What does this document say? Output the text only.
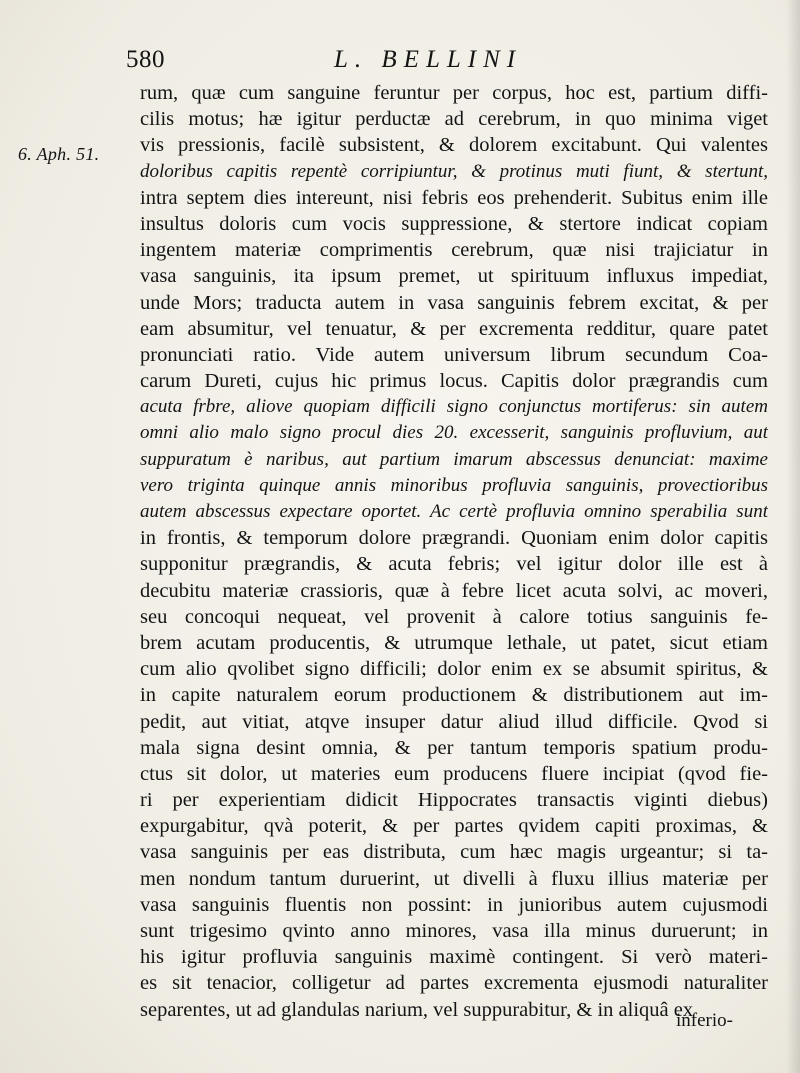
580	L. BELLINI
6. Aph. 51.
rum, quæ cum sanguine feruntur per corpus, hoc est, partium diffi-
cilis motus; hæ igitur perductæ ad cerebrum, in quo minima viget
vis pressionis, facilè subsistent, & dolorem excitabunt. Qui valentes
doloribus capitis repentè corripiuntur, & protinus muti fiunt, & stertunt,
intra septem dies intereunt, nisi febris eos prehenderit. Subitus enim ille
insultus doloris cum vocis suppressione, & stertore indicat copiam
ingentem materiæ comprimentis cerebrum, quæ nisi trajiciatur in
vasa sanguinis, ita ipsum premet, ut spirituum influxus impediat,
unde Mors; traducta autem in vasa sanguinis febrem excitat, & per
eam absumitur, vel tenuatur, & per excrementa redditur, quare patet
pronunciati ratio. Vide autem universum librum secundum Coa-
carum Dureti, cujus hic primus locus. Capitis dolor prægrandis cum
acuta frbre, aliove quopiam difficili signo conjunctus mortiferus: sin autem
omni alio malo signo procul dies 20. excesserit, sanguinis profluvium, aut
suppuratum è naribus, aut partium imarum abscessus denunciat: maxime
vero triginta quinque annis minoribus profluvia sanguinis, provectioribus
autem abscessus expectare oportet. Ac certè profluvia omnino sperabilia sunt
in frontis, & temporum dolore prægrandi. Quoniam enim dolor capitis
supponitur prægrandis, & acuta febris; vel igitur dolor ille est à
decubitu materiæ crassioris, quæ à febre licet acuta solvi, ac moveri,
seu concoqui nequeat, vel provenit à calore totius sanguinis fe-
brem acutam producentis, & utrumque lethale, ut patet, sicut etiam
cum alio qvolibet signo difficili; dolor enim ex se absumit spiritus, &
in capite naturalem eorum productionem & distributionem aut im-
pedit, aut vitiat, atqve insuper datur aliud illud difficile. Qvod si
mala signa desint omnia, & per tantum temporis spatium produ-
ctus sit dolor, ut materies eum producens fluere incipiat (qvod fie-
ri per experientiam didicit Hippocrates transactis viginti diebus)
expurgabitur, qvà poterit, & per partes qvidem capiti proximas, &
vasa sanguinis per eas distributa, cum hæc magis urgeantur; si ta-
men nondum tantum duruerint, ut divelli à fluxu illius materiæ per
vasa sanguinis fluentis non possint: in junioribus autem cujusmodi
sunt trigesimo qvinto anno minores, vasa illa minus duruerunt; in
his igitur profluvia sanguinis maximè contingent. Si verò materi-
es sit tenacior, colligetur ad partes excrementa ejusmodi naturaliter
separentes, ut ad glandulas narium, vel suppurabitur, & in aliquâ ex
inferio-
